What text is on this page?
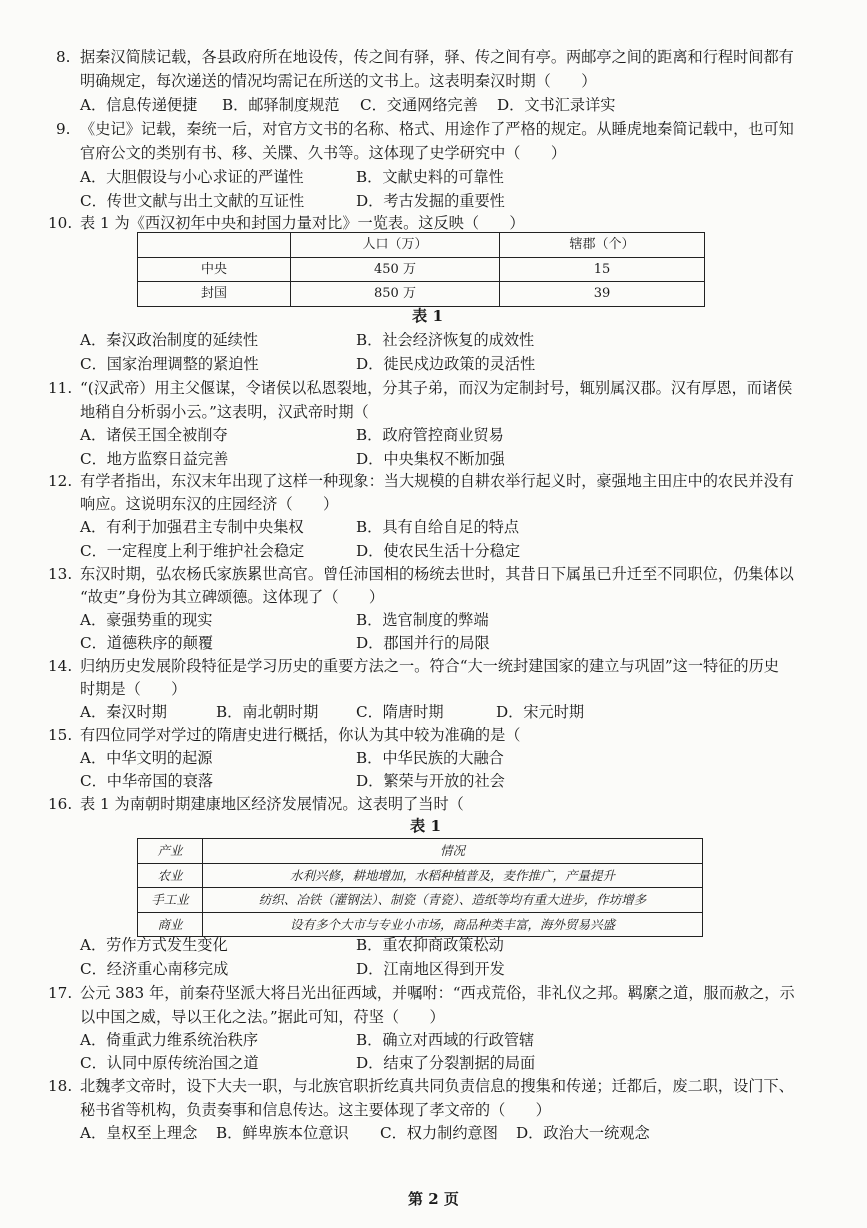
8. 据秦汉简牍记载，各县政府所在地设传，传之间有驿，驿、传之间有亭。两邮亭之间的距离和行程时间都有
明确规定，每次递送的情况均需记在所送的文书上。这表明秦汉时期（　　）
A．信息传递便捷 B．邮驿制度规范 C．交通网络完善 D．文书汇录详实
9. 《史记》记载，秦统一后，对官方文书的名称、格式、用途作了严格的规定。从睡虎地秦简记载中，也可知
官府公文的类别有书、移、关牒、久书等。这体现了史学研究中（　　）
A．大胆假设与小心求证的严谨性	B．文献史料的可靠性
C．传世文献与出土文献的互证性	D．考古发掘的重要性
10. 表 1 为《西汉初年中央和封国力量对比》一览表。这反映（　　）
	人口（万）	辖郡（个）
中央	450 万	15
封国	850 万	39
表 1
A．秦汉政治制度的延续性	B．社会经济恢复的成效性
C．国家治理调整的紧迫性	D．徙民戍边政策的灵活性
11. “(汉武帝）用主父偃谋，令诸侯以私恩裂地，分其子弟，而汉为定制封号，辄别属汉郡。汉有厚恩，而诸侯
地稍自分析弱小云。”这表明，汉武帝时期（
A．诸侯王国全被削夺	B．政府管控商业贸易
C．地方监察日益完善	D．中央集权不断加强
12. 有学者指出，东汉末年出现了这样一种现象：当大规模的自耕农举行起义时，豪强地主田庄中的农民并没有
响应。这说明东汉的庄园经济（　　）
A．有利于加强君主专制中央集权	B．具有自给自足的特点
C．一定程度上利于维护社会稳定	D．使农民生活十分稳定
13. 东汉时期，弘农杨氏家族累世高官。曾任沛国相的杨统去世时，其昔日下属虽已升迁至不同职位，仍集体以
“故吏”身份为其立碑颂德。这体现了（　　）
A．豪强势重的现实	B．选官制度的弊端
C．道德秩序的颠覆	D．郡国并行的局限
14. 归纳历史发展阶段特征是学习历史的重要方法之一。符合“大一统封建国家的建立与巩固”这一特征的历史
时期是（　　）
A．秦汉时期	B．南北朝时期 C．隋唐时期	D．宋元时期
15. 有四位同学对学过的隋唐史进行概括，你认为其中较为准确的是（
A．中华文明的起源	B．中华民族的大融合
C．中华帝国的衰落	D．繁荣与开放的社会
16. 表 1 为南朝时期建康地区经济发展情况。这表明了当时（
表 1
产业	情况
农业	水利兴修，耕地增加，水稻种植普及，麦作推广，产量提升
手工业	纺织、冶铁（灌钢法）、制瓷（青瓷）、造纸等均有重大进步，作坊增多
商业	设有多个大市与专业小市场，商品种类丰富，海外贸易兴盛
A．劳作方式发生变化	B．重农抑商政策松动
C．经济重心南移完成	D．江南地区得到开发
17. 公元 383 年，前秦苻坚派大将吕光出征西域，并嘱咐：“西戎荒俗，非礼仪之邦。羁縻之道，服而赦之，示
以中国之威，导以王化之法。”据此可知，苻坚（　　）
A．倚重武力维系统治秩序	B．确立对西域的行政管辖
C．认同中原传统治国之道	D．结束了分裂割据的局面
18. 北魏孝文帝时，设下大夫一职，与北族官职折纥真共同负责信息的搜集和传递；迁都后，废二职，设门下、
秘书省等机构，负责奏事和信息传达。这主要体现了孝文帝的（　　）
A．皇权至上理念 B．鲜卑族本位意识 C．权力制约意图 D．政治大一统观念
第 2 页
